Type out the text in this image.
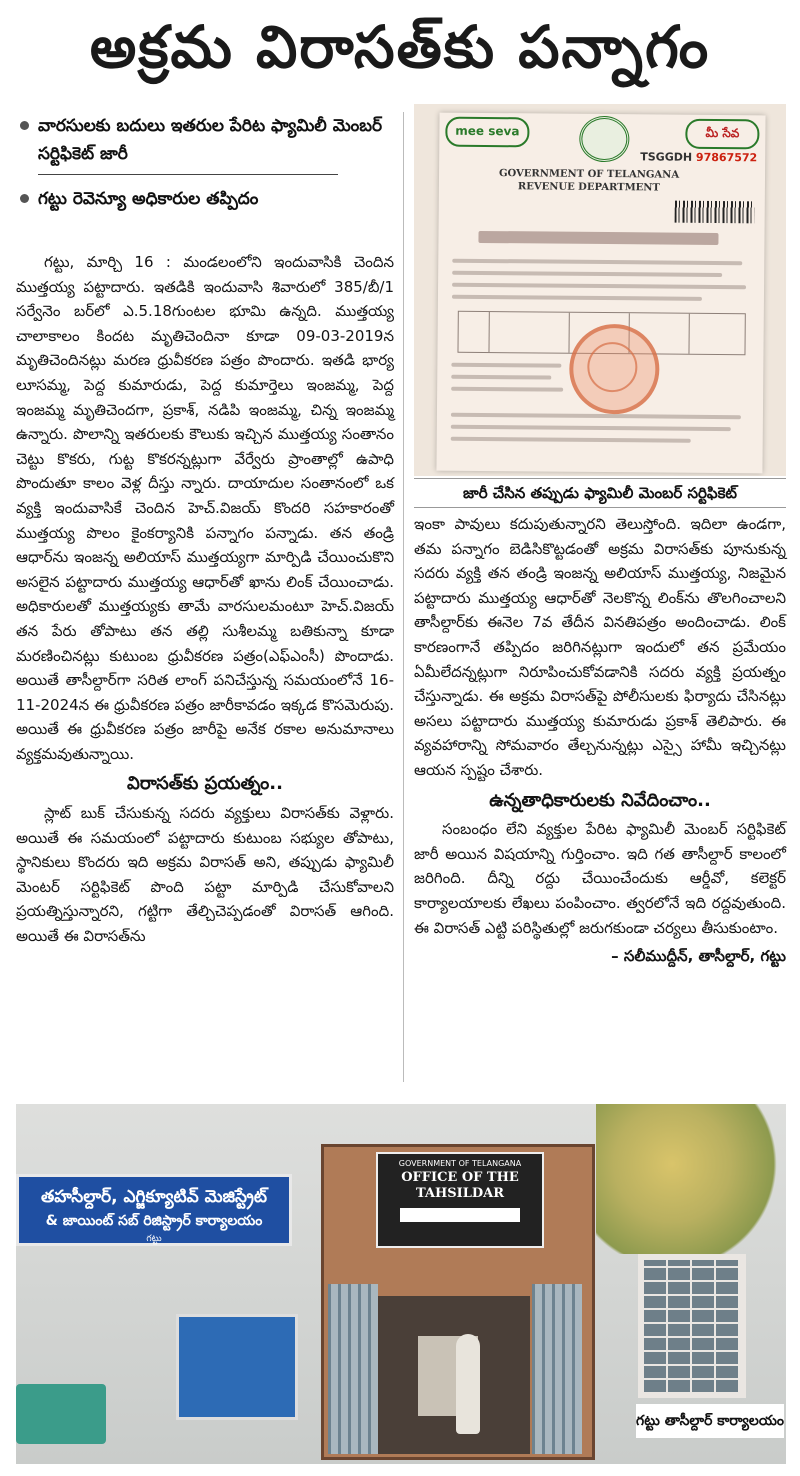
అక్రమ విరాసత్‌కు పన్నాగం
వారసులకు బదులు ఇతరుల పేరిట ఫ్యామిలీ మెంబర్ సర్టిఫికెట్ జారీ
గట్టు రెవెన్యూ అధికారుల తప్పిదం

గట్టు, మార్చి 16 : మండలంలోని ఇందువాసికి చెందిన ముత్తయ్య పట్టాదారు. ఇతడికి ఇందువాసి శివారులో 385/బీ/1 సర్వేనెం బర్‌లో ఎ.5.18గుంటల భూమి ఉన్నది. ముత్తయ్య చాలాకాలం కిందట మృతిచెందినా కూడా 09-03-2019న మృతిచెందినట్లు మరణ ధ్రువీకరణ పత్రం పొందారు. ఇతడి భార్య లూసమ్మ, పెద్ద కుమారుడు, పెద్ద కుమార్తెలు ఇంజమ్మ, పెద్ద ఇంజమ్మ మృతిచెందగా, ప్రకాశ్, నడిపి ఇంజమ్మ, చిన్న ఇంజమ్మ ఉన్నారు. పొలాన్ని ఇతరులకు కౌలుకు ఇచ్చిన ముత్తయ్య సంతానం చెట్టు కొకరు, గుట్ట కొకరన్నట్లుగా వేర్వేరు ప్రాంతాల్లో ఉపాధి పొందుతూ కాలం వెళ్ల దీస్తు న్నారు. దాయాదుల సంతానంలో ఒక వ్యక్తి ఇందువాసికే చెందిన హెచ్.విజయ్ కొందరి సహకారంతో ముత్తయ్య పొలం కైంకర్యానికి పన్నాగం పన్నాడు. తన తండ్రి ఆధార్‌ను ఇంజన్న అలియాస్ ముత్తయ్యగా మార్పిడి చేయించుకొని అసలైన పట్టాదారు ముత్తయ్య ఆధార్‌తో ఖాను లింక్ చేయించాడు. అధికారులతో ముత్తయ్యకు తామే వారసులమంటూ హెచ్.విజయ్ తన పేరు తోపాటు తన తల్లి సుశీలమ్మ బతికున్నా కూడా మరణించినట్లు కుటుంబ ధ్రువీకరణ పత్రం(ఎఫ్ఎంసీ) పొందాడు. అయితే తాసీల్దార్‌గా సరిత లాంగ్ పనిచేస్తున్న సమయంలోనే 16-11-2024న ఈ ధ్రువీకరణ పత్రం జారీకావడం ఇక్కడ కొసమెరుపు. అయితే ఈ ధ్రువీకరణ పత్రం జారీపై అనేక రకాల అనుమానాలు వ్యక్తమవుతున్నాయి.

విరాసత్‌కు ప్రయత్నం..

స్లాట్ బుక్ చేసుకున్న సదరు వ్యక్తులు విరాసత్‌కు వెళ్లారు. అయితే ఈ సమయంలో పట్టాదారు కుటుంబ సభ్యుల తోపాటు, స్థానికులు కొందరు ఇది అక్రమ విరాసత్ అని, తప్పుడు ఫ్యామిలీ మెంటర్ సర్టిఫికెట్ పొంది పట్టా మార్పిడి చేసుకోవాలని ప్రయత్నిస్తున్నారని, గట్టిగా తేల్చిచెప్పడంతో విరాసత్ ఆగింది. అయితే ఈ విరాసత్‌ను

mee seva	మీ సేవ
TSGGDH 97867572
GOVERNMENT OF TELANGANA
REVENUE DEPARTMENT
జారీ చేసిన తప్పుడు ఫ్యామిలీ మెంబర్ సర్టిఫికెట్

ఇంకా పావులు కదుపుతున్నారని తెలుస్తోంది. ఇదిలా ఉండగా, తమ పన్నాగం బెడిసికొట్టడంతో అక్రమ విరాసత్‌కు పూనుకున్న సదరు వ్యక్తి తన తండ్రి ఇంజన్న అలియాస్ ముత్తయ్య, నిజమైన పట్టాదారు ముత్తయ్య ఆధార్‌తో నెలకొన్న లింక్‌ను తొలగించాలని తాసీల్దార్‌కు ఈనెల 7వ తేదీన వినతిపత్రం అందించాడు. లింక్ కారణంగానే తప్పిదం జరిగినట్లుగా ఇందులో తన ప్రమేయం ఏమీలేదన్నట్లుగా నిరూపించుకోవడానికి సదరు వ్యక్తి ప్రయత్నం చేస్తున్నాడు. ఈ అక్రమ విరాసత్‌పై పోలీసులకు ఫిర్యాదు చేసినట్లు అసలు పట్టాదారు ముత్తయ్య కుమారుడు ప్రకాశ్ తెలిపారు. ఈ వ్యవహారాన్ని సోమవారం తేల్చనున్నట్లు ఎస్సై హామీ ఇచ్చినట్లు ఆయన స్పష్టం చేశారు.

ఉన్నతాధికారులకు నివేదించాం..

సంబంధం లేని వ్యక్తుల పేరిట ఫ్యామిలీ మెంబర్ సర్టిఫికెట్ జారీ అయిన విషయాన్ని గుర్తించాం. ఇది గత తాసీల్దార్ కాలంలో జరిగింది. దీన్ని రద్దు చేయించేందుకు ఆర్డీవో, కలెక్టర్ కార్యాలయాలకు లేఖలు పంపించాం. త్వరలోనే ఇది రద్దవుతుంది. ఈ విరాసత్ ఎట్టి పరిస్థితుల్లో జరుగకుండా చర్యలు తీసుకుంటాం.

– సలీముద్దీన్, తాసీల్దార్, గట్టు
తహసీల్దార్, ఎగ్జిక్యూటివ్ మెజిస్ట్రేట్
& జాయింట్ సబ్ రిజిస్ట్రార్ కార్యాలయం
గట్టు
GOVERNMENT OF TELANGANA
OFFICE OF THE TAHSILDAR
గట్టు తాసీల్దార్ కార్యాలయం
